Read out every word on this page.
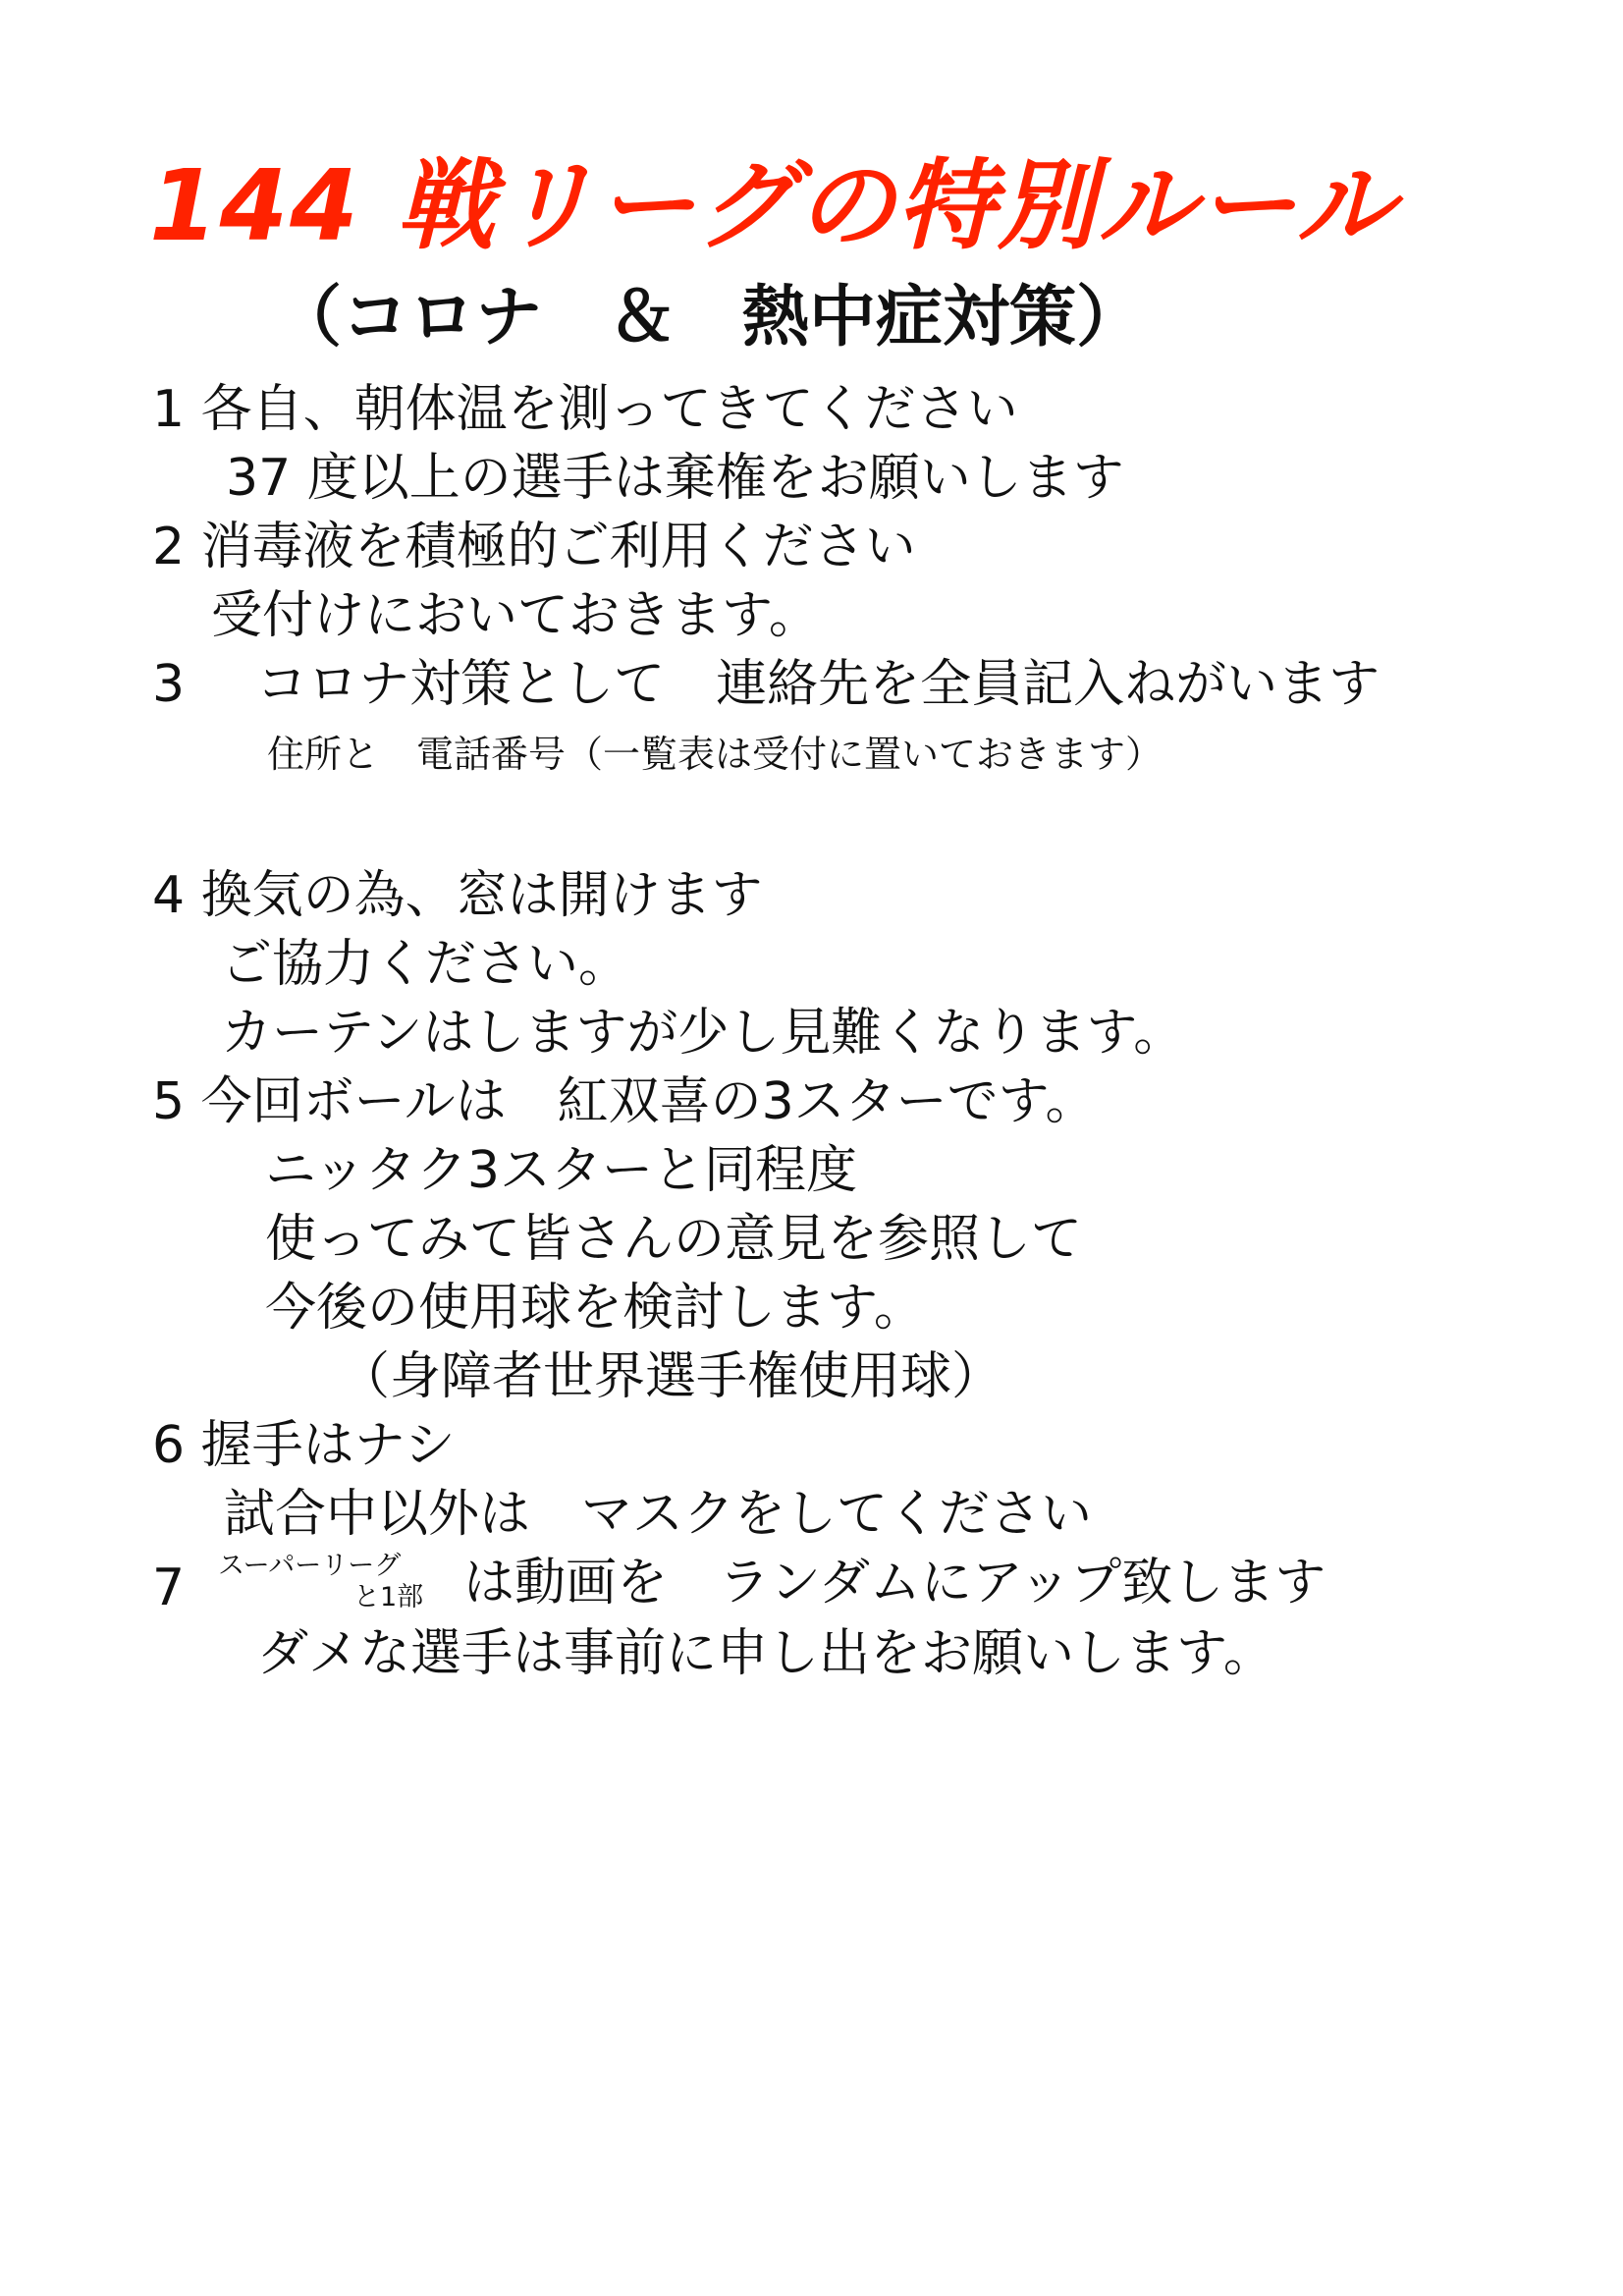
144 戦リーグの特別ルール
（コロナ　＆　熱中症対策）
1 各自、朝体温を測ってきてください
37 度以上の選手は棄権をお願いします
2 消毒液を積極的ご利用ください
受付けにおいておきます。
3 コロナ対策として　連絡先を全員記入ねがいます
住所と　電話番号（一覧表は受付に置いておきます）
4 換気の為、窓は開けます
ご協力ください。
カーテンはしますが少し見難くなります。
5 今回ボールは　紅双喜の3スターです。
ニッタク3スターと同程度
使ってみて皆さんの意見を参照して
今後の使用球を検討します。
（身障者世界選手権使用球）
6 握手はナシ
試合中以外は　マスクをしてください
7 スーパーリーグ
と1部 は動画を　ランダムにアップ致します
ダメな選手は事前に申し出をお願いします。
